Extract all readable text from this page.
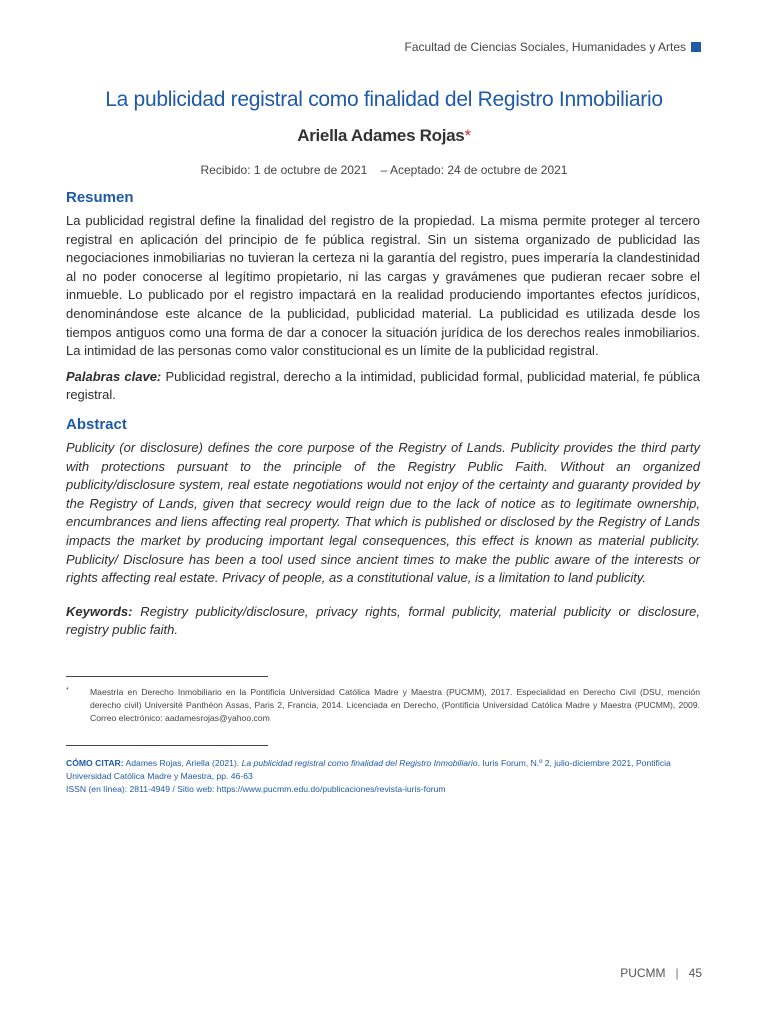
Facultad de Ciencias Sociales, Humanidades y Artes
La publicidad registral como finalidad del Registro Inmobiliario
Ariella Adames Rojas*
Recibido: 1 de octubre de 2021 – Aceptado: 24 de octubre de 2021
Resumen

La publicidad registral define la finalidad del registro de la propiedad. La misma permite proteger al tercero registral en aplicación del principio de fe pública registral. Sin un sistema organizado de publicidad las negociaciones inmobiliarias no tuvieran la certeza ni la garantía del registro, pues imperaría la clandestinidad al no poder conocerse al legítimo propietario, ni las cargas y gravámenes que pudieran recaer sobre el inmueble. Lo publicado por el registro impactará en la realidad produciendo importantes efectos jurídicos, denominándose este alcance de la publicidad, publicidad material. La publicidad es utilizada desde los tiempos antiguos como una forma de dar a conocer la situación jurídica de los derechos reales inmobiliarios. La intimidad de las personas como valor constitucional es un límite de la publicidad registral.

Palabras clave: Publicidad registral, derecho a la intimidad, publicidad formal, publicidad material, fe pública registral.

Abstract

Publicity (or disclosure) defines the core purpose of the Registry of Lands. Publicity provides the third party with protections pursuant to the principle of the Registry Public Faith. Without an organized publicity/disclosure system, real estate negotiations would not enjoy of the certainty and guaranty provided by the Registry of Lands, given that secrecy would reign due to the lack of notice as to legitimate ownership, encumbrances and liens affecting real property. That which is published or disclosed by the Registry of Lands impacts the market by producing important legal consequences, this effect is known as material publicity. Publicity/ Disclosure has been a tool used since ancient times to make the public aware of the interests or rights affecting real estate. Privacy of people, as a constitutional value, is a limitation to land publicity.

Keywords: Registry publicity/disclosure, privacy rights, formal publicity, material publicity or disclosure, registry public faith.

* Maestría en Derecho Inmobiliario en la Pontificia Universidad Católica Madre y Maestra (PUCMM), 2017. Especialidad en Derecho Civil (DSU, mención derecho civil) Université Panthéon Assas, Paris 2, Francia, 2014. Licenciada en Derecho, (Pontificia Universidad Católica Madre y Maestra (PUCMM), 2009. Correo electrónico: aadamesrojas@yahoo.com
CÓMO CITAR: Adames Rojas, Ariella (2021). La publicidad registral como finalidad del Registro Inmobiliario. Iuris Forum, N.º 2, julio-diciembre 2021, Pontificia Universidad Católica Madre y Maestra, pp. 46-63
ISSN (en línea): 2811-4949 / Sitio web: https://www.pucmm.edu.do/publicaciones/revista-iuris-forum
PUCMM | 45
